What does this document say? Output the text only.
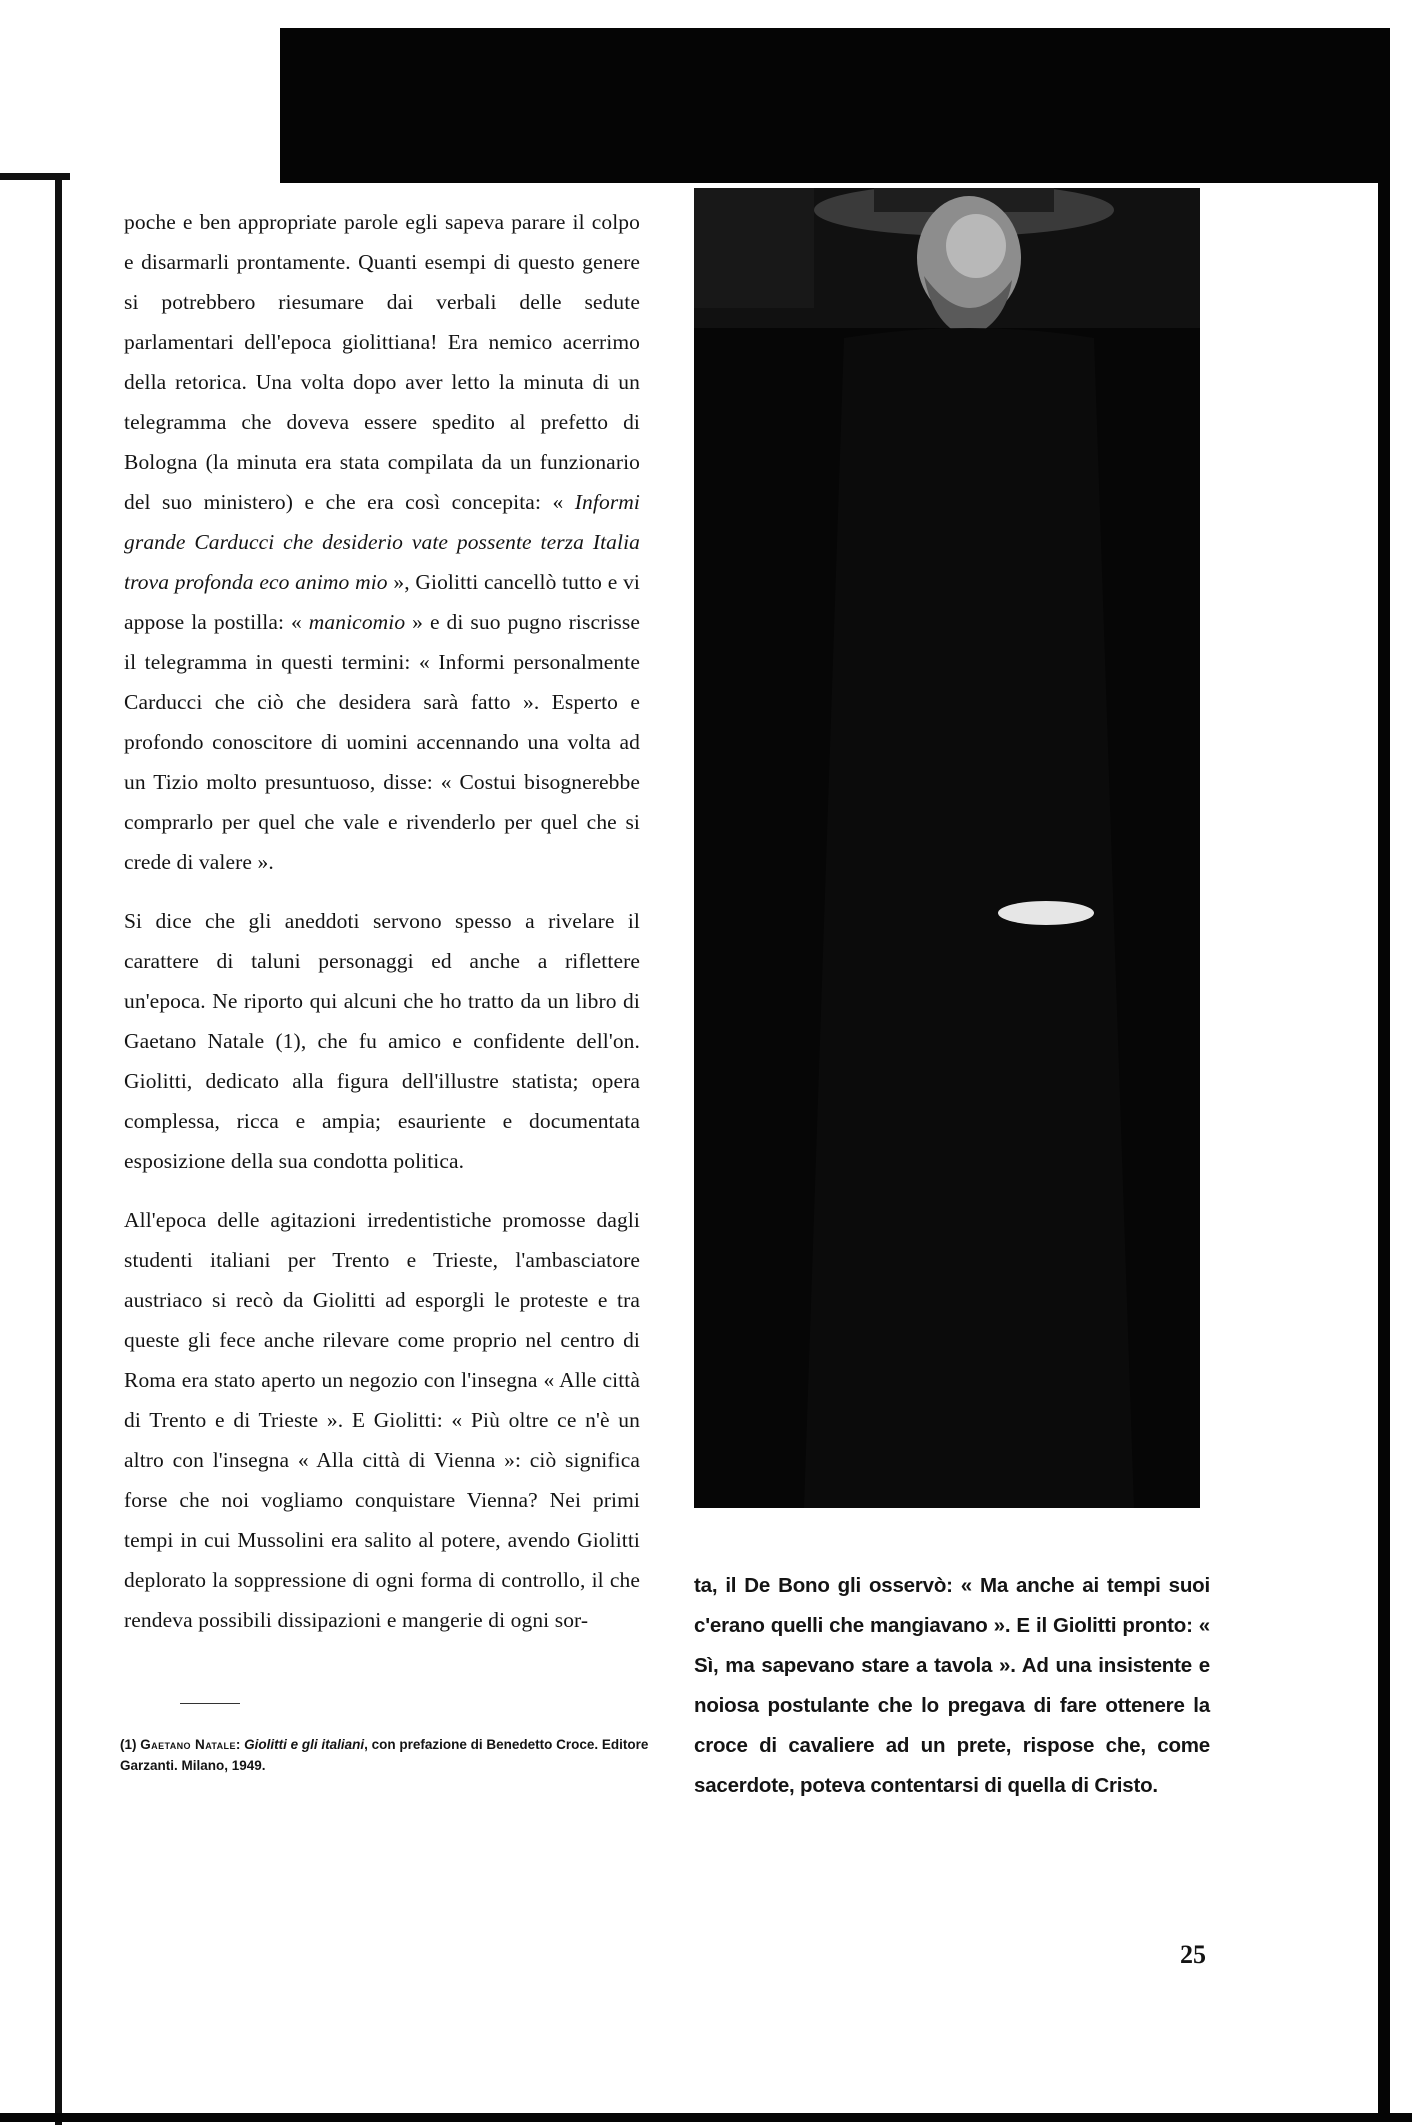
poche e ben appropriate parole egli sapeva parare il colpo e disarmarli prontamente. Quanti esempi di questo genere si potrebbero riesumare dai verbali delle sedute parlamentari dell'epoca giolittiana! Era nemico acerrimo della retorica. Una volta dopo aver letto la minuta di un telegramma che doveva essere spedito al prefetto di Bologna (la minuta era stata compilata da un funzionario del suo ministero) e che era così concepita: « Informi grande Carducci che desiderio vate possente terza Italia trova profonda eco animo mio », Giolitti cancellò tutto e vi appose la postilla: « manicomio » e di suo pugno riscrisse il telegramma in questi termini: « Informi personalmente Carducci che ciò che desidera sarà fatto ». Esperto e profondo conoscitore di uomini accennando una volta ad un Tizio molto presuntuoso, disse: « Costui bisognerebbe comprarlo per quel che vale e rivenderlo per quel che si crede di valere ».

Si dice che gli aneddoti servono spesso a rivelare il carattere di taluni personaggi ed anche a riflettere un'epoca. Ne riporto qui alcuni che ho tratto da un libro di Gaetano Natale (1), che fu amico e confidente dell'on. Giolitti, dedicato alla figura dell'illustre statista; opera complessa, ricca e ampia; esauriente e documentata esposizione della sua condotta politica.

All'epoca delle agitazioni irredentistiche promosse dagli studenti italiani per Trento e Trieste, l'ambasciatore austriaco si recò da Giolitti ad esporgli le proteste e tra queste gli fece anche rilevare come proprio nel centro di Roma era stato aperto un negozio con l'insegna « Alle città di Trento e di Trieste ». E Giolitti: « Più oltre ce n'è un altro con l'insegna « Alla città di Vienna »: ciò significa forse che noi vogliamo conquistare Vienna? Nei primi tempi in cui Mussolini era salito al potere, avendo Giolitti deplorato la soppressione di ogni forma di controllo, il che rendeva possibili dissipazioni e mangerie di ogni sor-

ta, il De Bono gli osservò: « Ma anche ai tempi suoi c'erano quelli che mangiavano ». E il Giolitti pronto: « Sì, ma sapevano stare a tavola ». Ad una insistente e noiosa postulante che lo pregava di fare ottenere la croce di cavaliere ad un prete, rispose che, come sacerdote, poteva contentarsi di quella di Cristo.

(1) Gaetano Natale: Giolitti e gli italiani, con prefazione di Benedetto Croce. Editore Garzanti. Milano, 1949.
25
